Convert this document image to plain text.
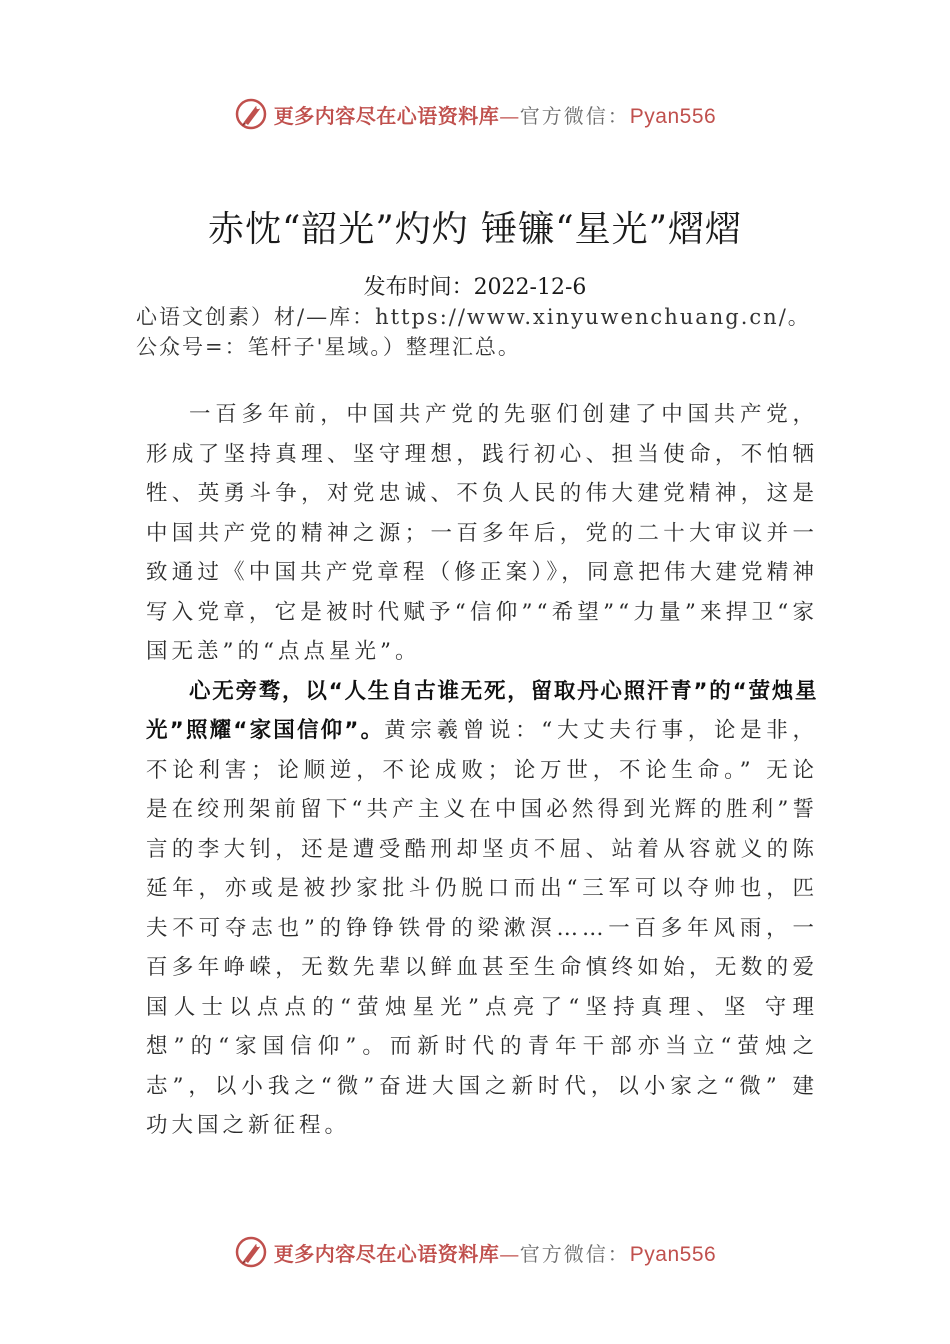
更多内容尽在心语资料库—官方微信：Pyan556
赤忱“韶光”灼灼 锤镰“星光”熠熠
发布时间：2022-12-6
心语文创素）材/—库：https://www.xinyuwenchuang.cn/。
公众号=：笔杆子'星域。）整理汇总。

一百多年前，中国共产党的先驱们创建了中国共产党，形成了坚持真理、坚守理想，践行初心、担当使命，不怕牺牲、英勇斗争，对党忠诚、不负人民的伟大建党精神，这是中国共产党的精神之源；一百多年后，党的二十大审议并一致通过《中国共产党章程（修正案）》，同意把伟大建党精神写入党章，它是被时代赋予“信仰”“希望”“力量”来捍卫“家国无恙”的“点点星光”。

心无旁骛，以“人生自古谁无死，留取丹心照汗青”的“萤烛星光”照耀“家国信仰”。黄宗羲曾说：“大丈夫行事，论是非，不论利害；论顺逆，不论成败；论万世，不论生命。” 无论是在绞刑架前留下“共产主义在中国必然得到光辉的胜利”誓言的李大钊，还是遭受酷刑却坚贞不屈、站着从容就义的陈延年，亦或是被抄家批斗仍脱口而出“三军可以夺帅也，匹夫不可夺志也”的铮铮铁骨的梁漱溟……一百多年风雨，一百多年峥嵘，无数先辈以鲜血甚至生命慎终如始，无数的爱国人士以点点的“萤烛星光”点亮了“坚持真理、坚 守理想”的“家国信仰”。而新时代的青年干部亦当立“萤烛之志”，以小我之“微”奋进大国之新时代，以小家之“微” 建功大国之新征程。

更多内容尽在心语资料库—官方微信：Pyan556
